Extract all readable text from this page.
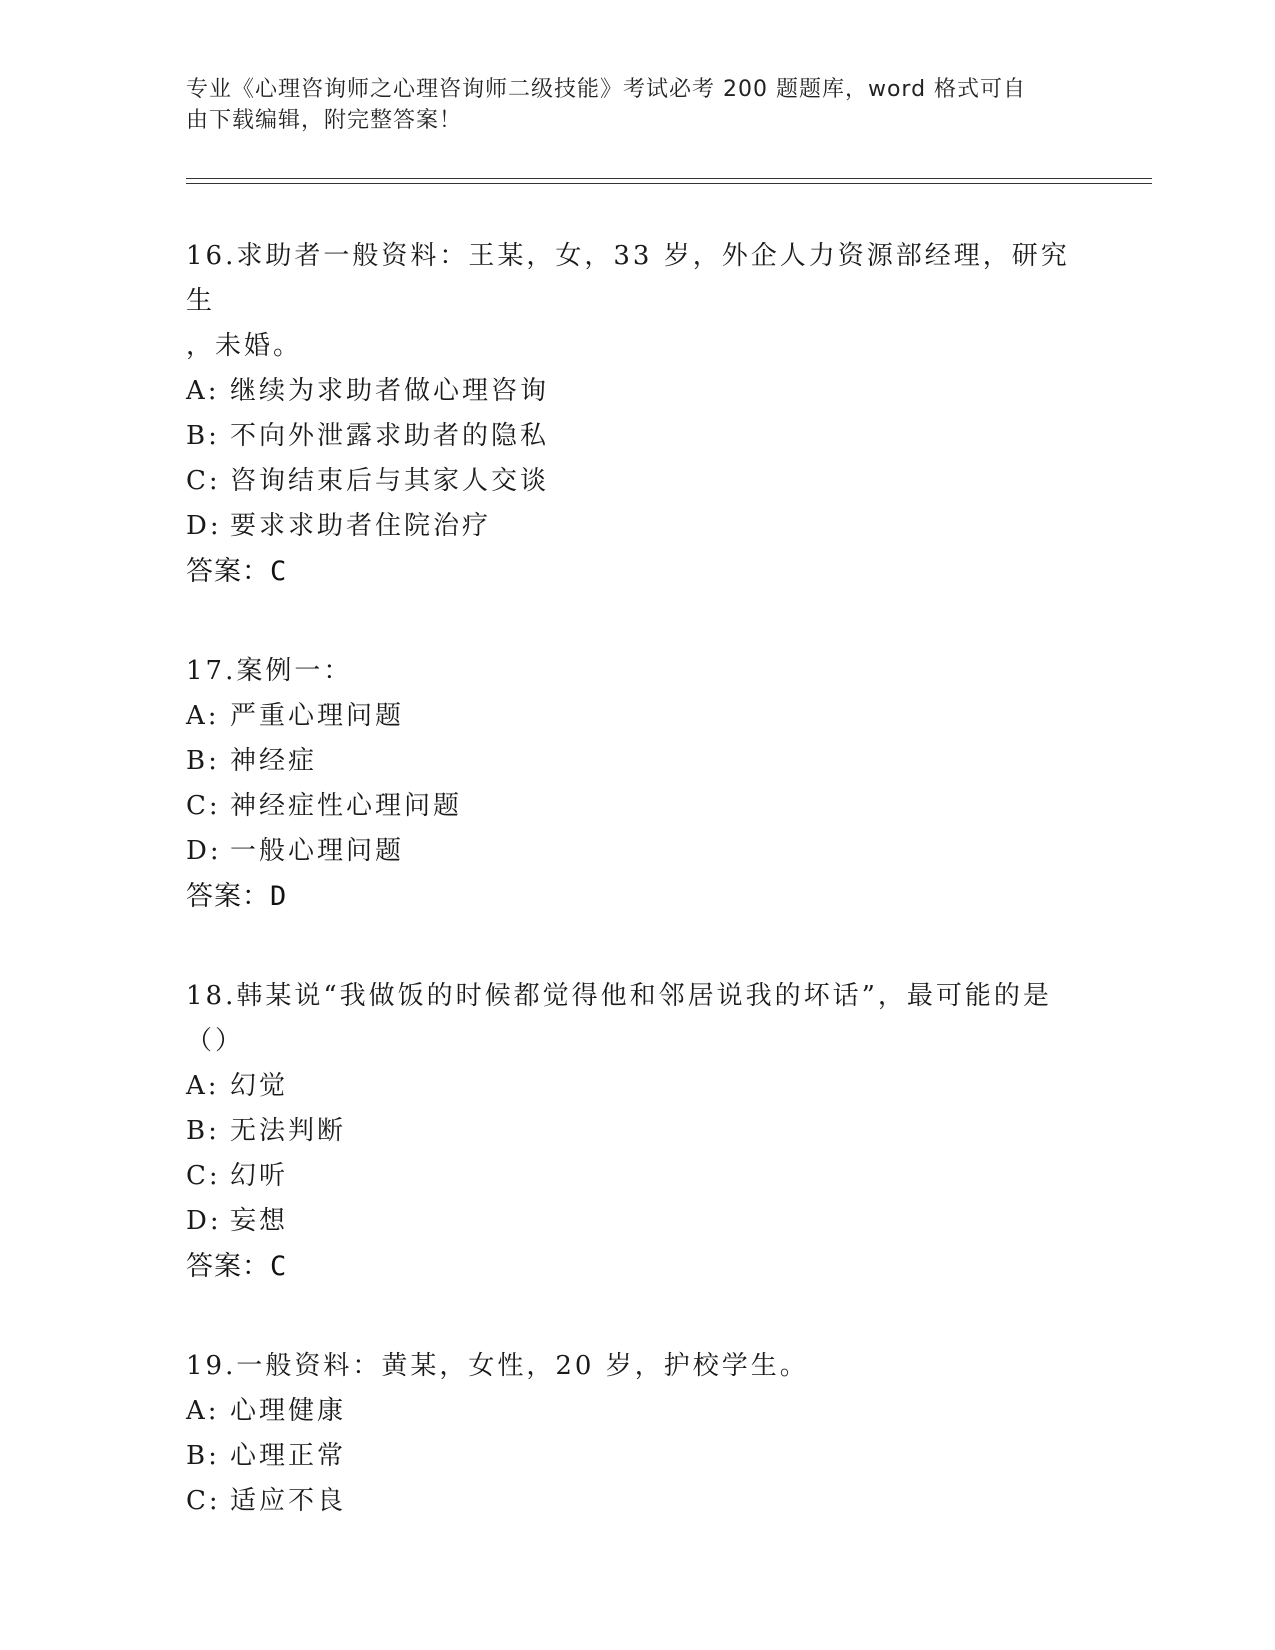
专业《心理咨询师之心理咨询师二级技能》考试必考 200 题题库，word 格式可自
由下载编辑，附完整答案！
16.求助者一般资料：王某，女，33 岁，外企人力资源部经理，研究生
，未婚。
A: 继续为求助者做心理咨询
B: 不向外泄露求助者的隐私
C: 咨询结束后与其家人交谈
D: 要求求助者住院治疗
答案：C
17.案例一：
A: 严重心理问题
B: 神经症
C: 神经症性心理问题
D: 一般心理问题
答案：D
18.韩某说“我做饭的时候都觉得他和邻居说我的坏话”，最可能的是
（）
A: 幻觉
B: 无法判断
C: 幻听
D: 妄想
答案：C
19.一般资料：黄某，女性，20 岁，护校学生。
A: 心理健康
B: 心理正常
C: 适应不良
